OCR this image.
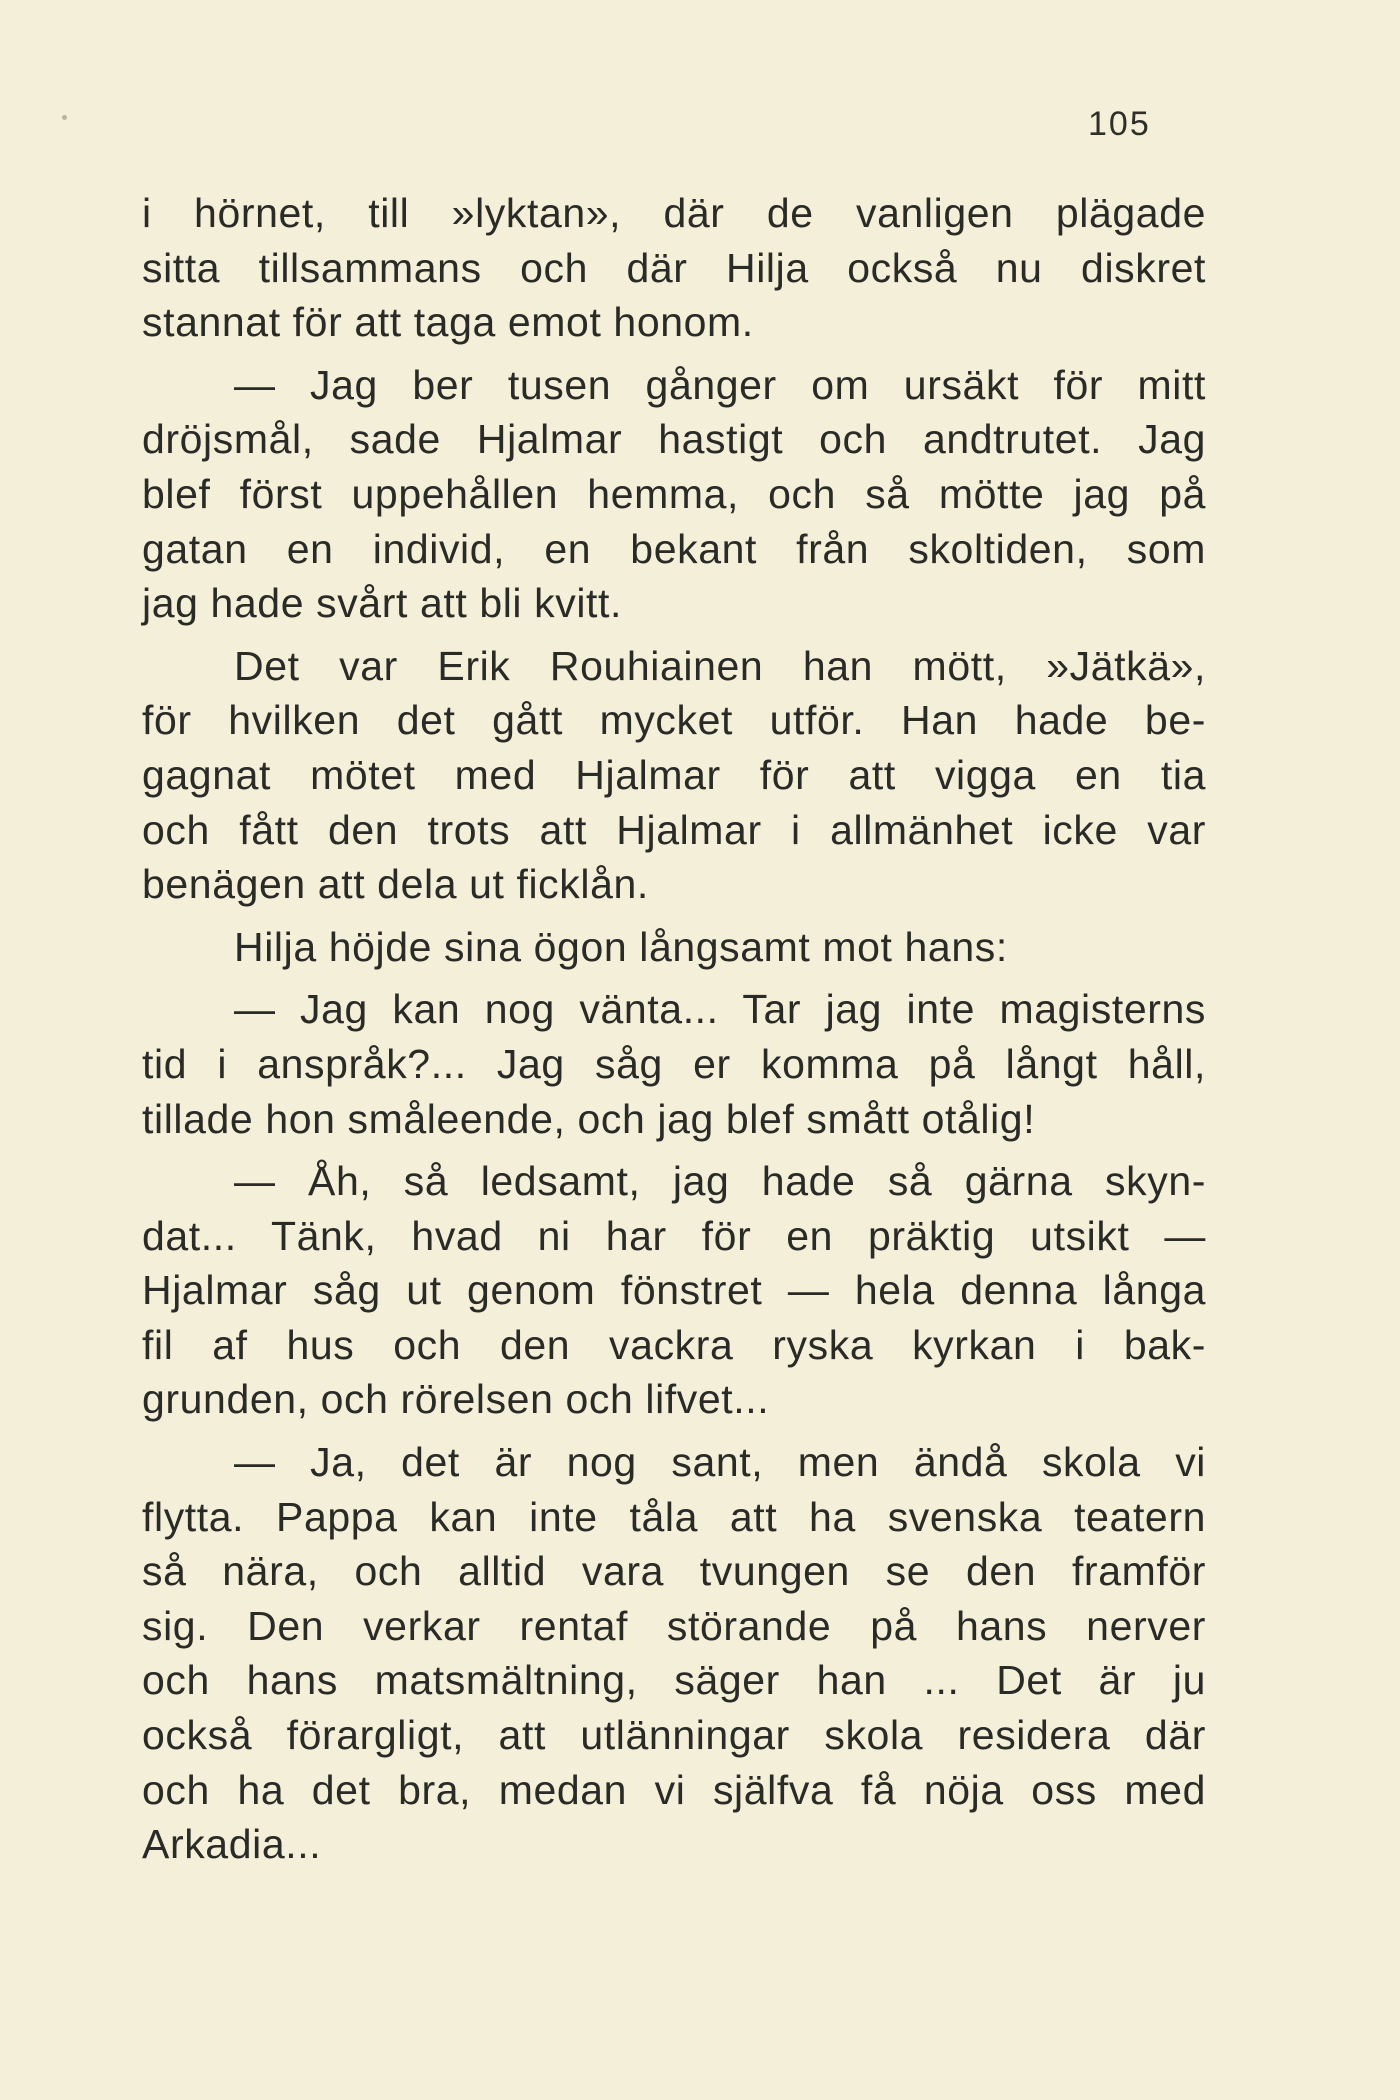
105
i hörnet, till »lyktan», där de vanligen plägade
sitta tillsammans och där Hilja också nu diskret
stannat för att taga emot honom.
— Jag ber tusen gånger om ursäkt för mitt
dröjsmål, sade Hjalmar hastigt och andtrutet. Jag
blef först uppehållen hemma, och så mötte jag på
gatan en individ, en bekant från skoltiden, som
jag hade svårt att bli kvitt.
Det var Erik Rouhiainen han mött, »Jätkä»,
för hvilken det gått mycket utför. Han hade be-
gagnat mötet med Hjalmar för att vigga en tia
och fått den trots att Hjalmar i allmänhet icke var
benägen att dela ut ficklån.
Hilja höjde sina ögon långsamt mot hans:
— Jag kan nog vänta... Tar jag inte magisterns
tid i anspråk?... Jag såg er komma på långt håll,
tillade hon småleende, och jag blef smått otålig!
— Åh, så ledsamt, jag hade så gärna skyn-
dat... Tänk, hvad ni har för en präktig utsikt —
Hjalmar såg ut genom fönstret — hela denna långa
fil af hus och den vackra ryska kyrkan i bak-
grunden, och rörelsen och lifvet...
— Ja, det är nog sant, men ändå skola vi
flytta. Pappa kan inte tåla att ha svenska teatern
så nära, och alltid vara tvungen se den framför
sig. Den verkar rentaf störande på hans nerver
och hans matsmältning, säger han ... Det är ju
också förargligt, att utlänningar skola residera där
och ha det bra, medan vi själfva få nöja oss med
Arkadia...
